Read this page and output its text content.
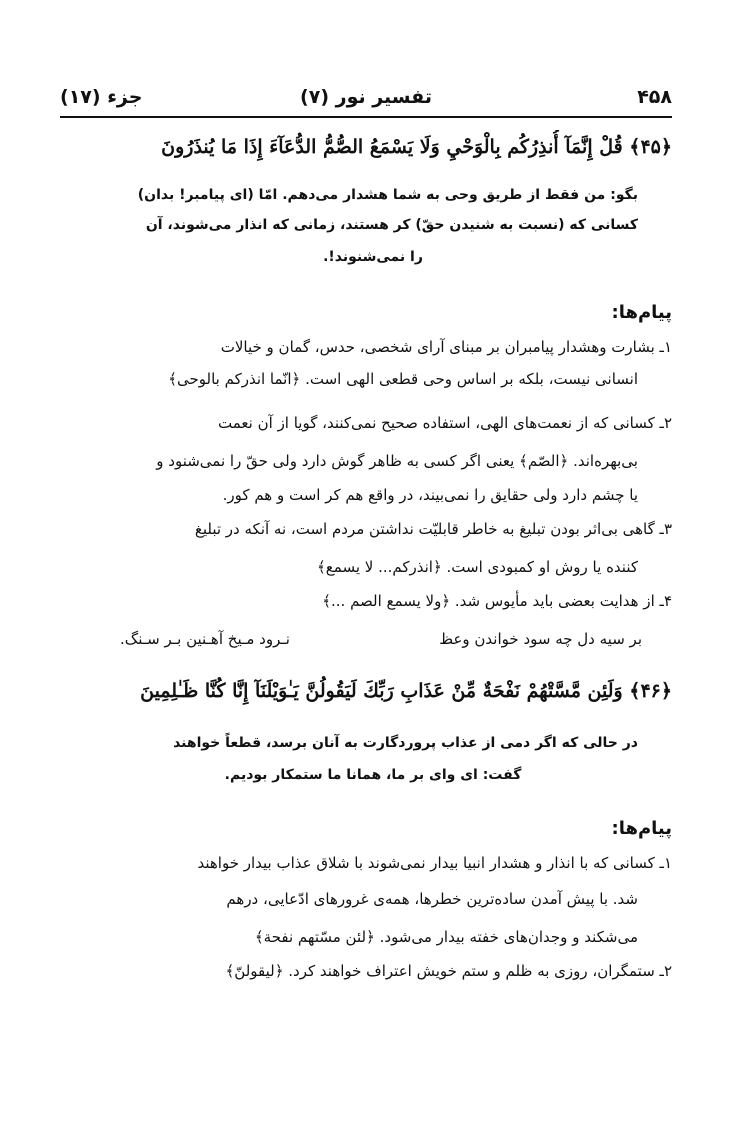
۴۵۸
تفسیر نور (۷)
جزء (۱۷)
﴿۴۵﴾ قُلْ إِنَّمَآ أُنذِرُكُم بِالْوَحْيِ وَلَا يَسْمَعُ الصُّمُّ الدُّعَآءَ إِذَا مَا يُنذَرُونَ
بگو: من فقط از طریق وحی به شما هشدار می‌دهم. امّا (ای پیامبر! بدان)
کسانی که (نسبت به شنیدن حقّ) کر هستند، زمانی که انذار می‌شوند، آن
را نمی‌شنوند!.
پیام‌ها:
۱ـ بشارت وهشدار پیامبران بر مبنای آرای شخصی، حدس، گمان و خیالات
انسانی نیست، بلکه بر اساس وحی قطعی الهی است. ﴿انّما انذركم بالوحی﴾
۲ـ کسانی که از نعمت‌های الهی، استفاده صحیح نمی‌کنند، گویا از آن نعمت
بی‌بهره‌اند. ﴿الصّم﴾ یعنی اگر کسی به ظاهر گوش دارد ولی حقّ را نمی‌شنود و
یا چشم دارد ولی حقایق را نمی‌بیند، در واقع هم کر است و هم کور.
۳ـ گاهی بی‌اثر بودن تبلیغ به خاطر قابلیّت نداشتن مردم است، نه آنکه در تبلیغ
کننده یا روش او کمبودی است. ﴿انذركم... لا يسمع﴾
۴ـ از هدایت بعضی باید مأیوس شد. ﴿ولا يسمع الصم ...﴾
بر سیه دل چه سود خواندن وعظ
نـرود مـیخ آهـنین بـر سـنگ.
﴿۴۶﴾ وَلَئِن مَّسَّتْهُمْ نَفْحَةٌ مِّنْ عَذَابِ رَبِّكَ لَيَقُولُنَّ يَـٰوَيْلَنَآ إِنَّا كُنَّا ظَـٰلِمِينَ
در حالی که اگر دمی از عذاب پروردگارت به آنان برسد، قطعاً خواهند
گفت: ای وای بر ما، همانا ما ستمکار بودیم.
پیام‌ها:
۱ـ کسانی که با انذار و هشدار انبیا بیدار نمی‌شوند با شلاق عذاب بیدار خواهند
شد. با پیش آمدن ساده‌ترین خطرها، همه‌ی غرورهای ادّعایی، درهم
می‌شکند و وجدان‌های خفته بیدار می‌شود. ﴿لئن مسّتهم نفحة﴾
۲ـ ستمگران، روزی به ظلم و ستم خویش اعتراف خواهند کرد. ﴿ليقولنّ﴾
